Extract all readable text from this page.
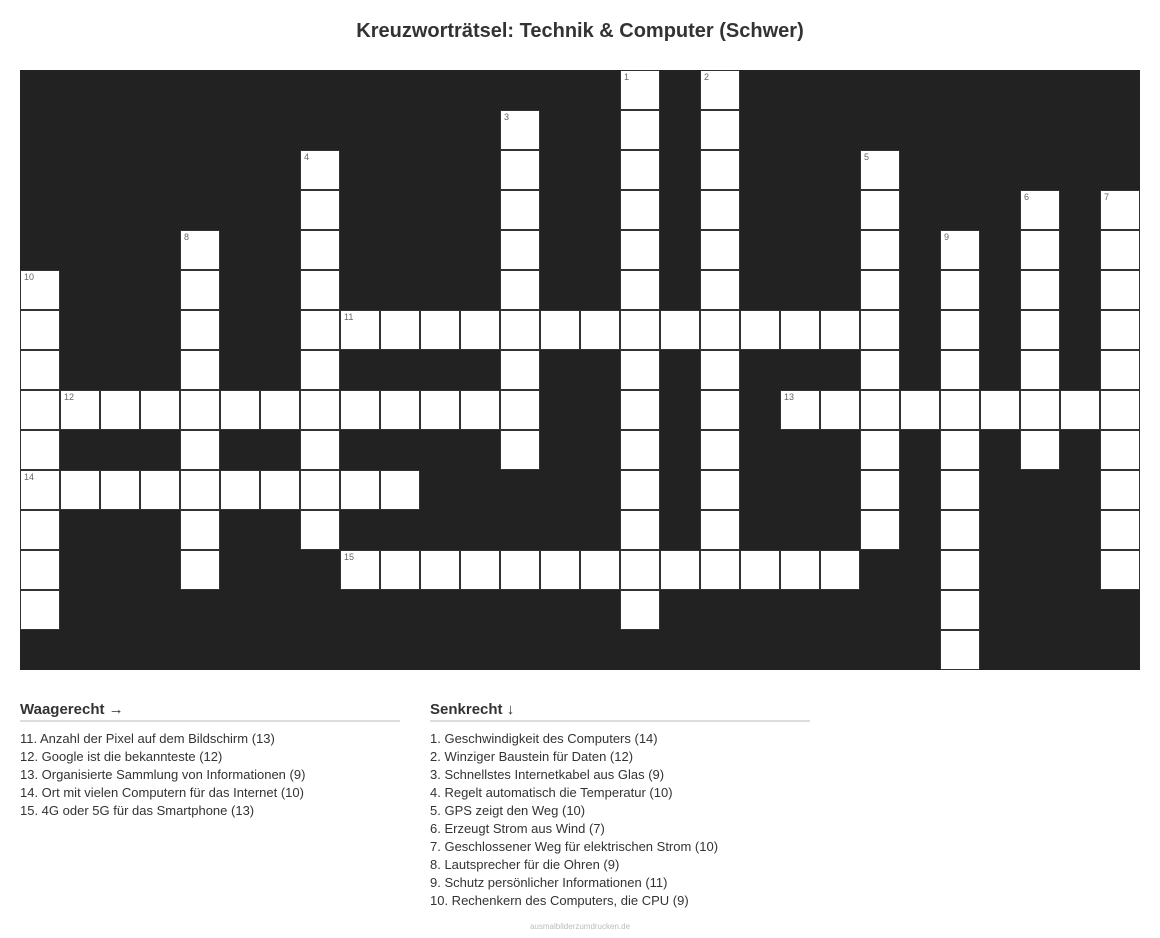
Kreuzworträtsel: Technik & Computer (Schwer)
1	2
3
4	5
6	7
8	9
10
14
11
12	13
15
Waagerecht →
11. Anzahl der Pixel auf dem Bildschirm (13)
12. Google ist die bekannteste (12)
13. Organisierte Sammlung von Informationen (9)
14. Ort mit vielen Computern für das Internet (10)
15. 4G oder 5G für das Smartphone (13)
Senkrecht ↓
1. Geschwindigkeit des Computers (14)
2. Winziger Baustein für Daten (12)
3. Schnellstes Internetkabel aus Glas (9)
4. Regelt automatisch die Temperatur (10)
5. GPS zeigt den Weg (10)
6. Erzeugt Strom aus Wind (7)
7. Geschlossener Weg für elektrischen Strom (10)
8. Lautsprecher für die Ohren (9)
9. Schutz persönlicher Informationen (11)
10. Rechenkern des Computers, die CPU (9)
ausmalbilderzumdrucken.de
